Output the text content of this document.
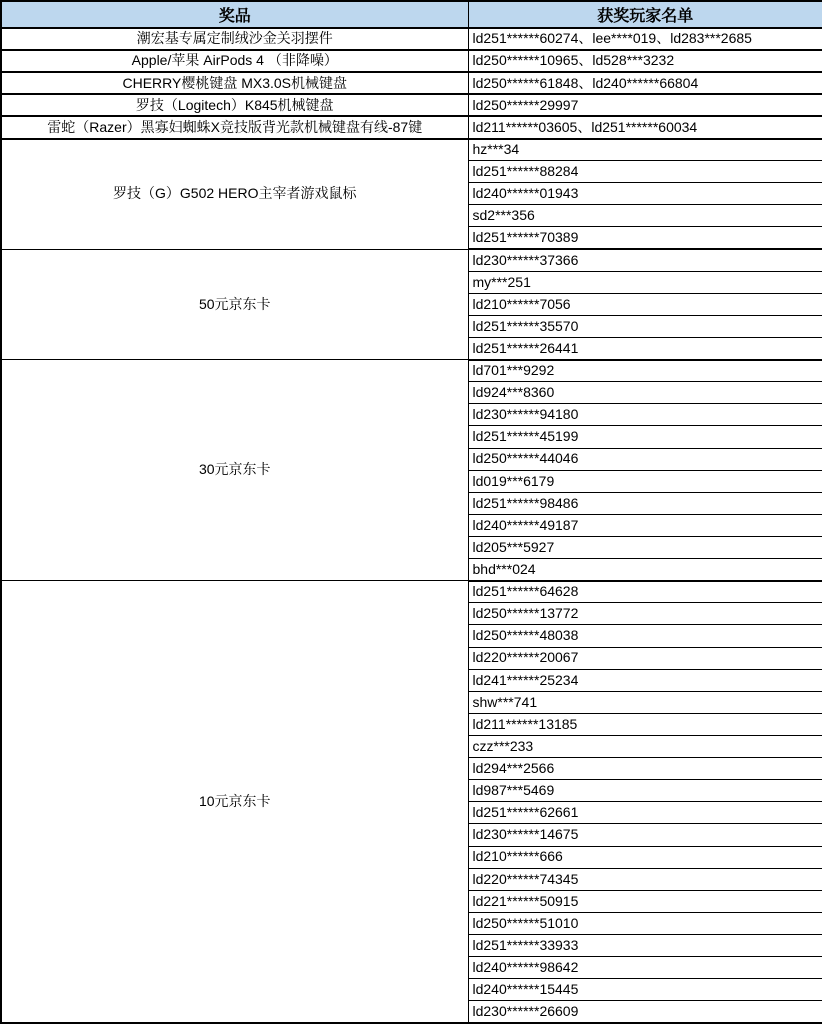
奖品	获奖玩家名单
潮宏基专属定制绒沙金关羽摆件	ld251******60274、lee****019、ld283***2685
Apple/苹果 AirPods 4 （非降噪）	ld250******10965、ld528***3232
CHERRY樱桃键盘 MX3.0S机械键盘	ld250******61848、ld240******66804
罗技（Logitech）K845机械键盘	ld250******29997
雷蛇（Razer）黑寡妇蜘蛛X竞技版背光款机械键盘有线-87键	ld211******03605、ld251******60034
罗技（G）G502 HERO主宰者游戏鼠标	hz***34
	ld251******88284
	ld240******01943
	sd2***356
	ld251******70389
50元京东卡	ld230******37366
	my***251
	ld210******7056
	ld251******35570
	ld251******26441
30元京东卡	ld701***9292
	ld924***8360
	ld230******94180
	ld251******45199
	ld250******44046
	ld019***6179
	ld251******98486
	ld240******49187
	ld205***5927
	bhd***024
10元京东卡	ld251******64628
	ld250******13772
	ld250******48038
	ld220******20067
	ld241******25234
	shw***741
	ld211******13185
	czz***233
	ld294***2566
	ld987***5469
	ld251******62661
	ld230******14675
	ld210******666
	ld220******74345
	ld221******50915
	ld250******51010
	ld251******33933
	ld240******98642
	ld240******15445
	ld230******26609
